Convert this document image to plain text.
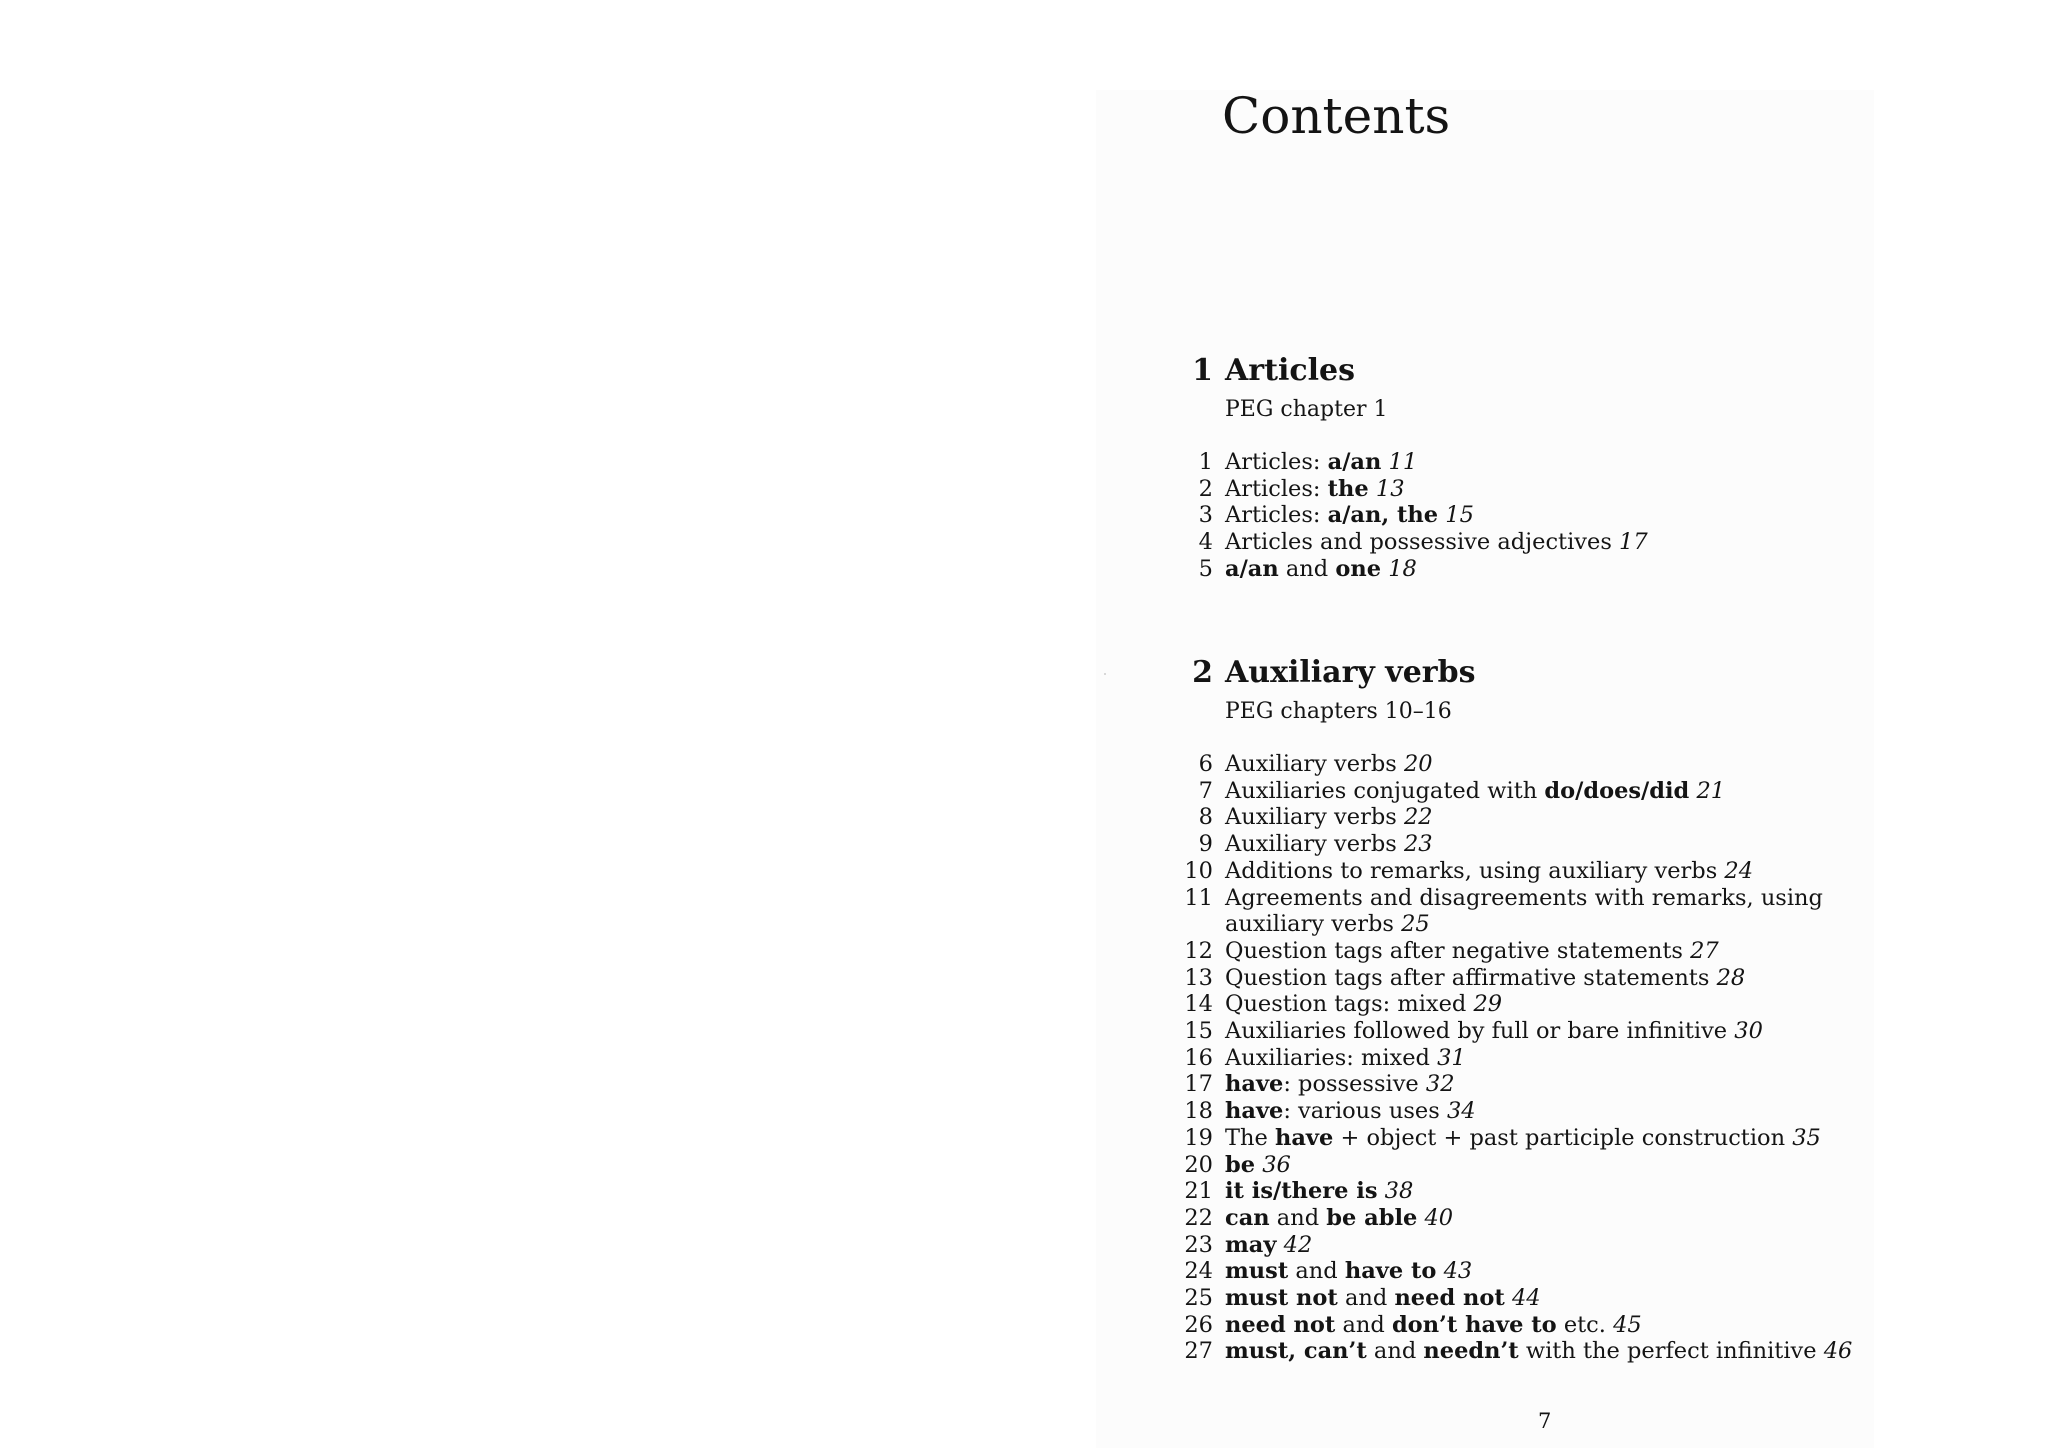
Contents
1 Articles
PEG chapter 1
1 Articles: a/an 11
2 Articles: the 13
3 Articles: a/an, the 15
4 Articles and possessive adjectives 17
5 a/an and one 18
2 Auxiliary verbs
PEG chapters 10–16
6 Auxiliary verbs 20
7 Auxiliaries conjugated with do/does/did 21
8 Auxiliary verbs 22
9 Auxiliary verbs 23
10 Additions to remarks, using auxiliary verbs 24
11 Agreements and disagreements with remarks, using auxiliary verbs 25
12 Question tags after negative statements 27
13 Question tags after affirmative statements 28
14 Question tags: mixed 29
15 Auxiliaries followed by full or bare infinitive 30
16 Auxiliaries: mixed 31
17 have: possessive 32
18 have: various uses 34
19 The have + object + past participle construction 35
20 be 36
21 it is/there is 38
22 can and be able 40
23 may 42
24 must and have to 43
25 must not and need not 44
26 need not and don’t have to etc. 45
27 must, can’t and needn’t with the perfect infinitive 46
7
